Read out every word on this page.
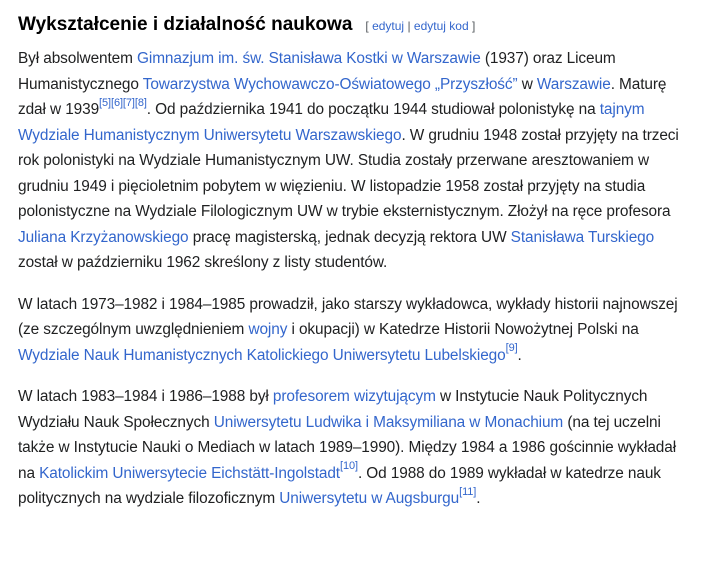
Wykształcenie i działalność naukowa [ edytuj | edytuj kod ]

Był absolwentem Gimnazjum im. św. Stanisława Kostki w Warszawie (1937) oraz Liceum Humanistycznego Towarzystwa Wychowawczo-Oświatowego „Przyszłość” w Warszawie. Maturę zdał w 1939[5][6][7][8]. Od października 1941 do początku 1944 studiował polonistykę na tajnym Wydziale Humanistycznym Uniwersytetu Warszawskiego. W grudniu 1948 został przyjęty na trzeci rok polonistyki na Wydziale Humanistycznym UW. Studia zostały przerwane aresztowaniem w grudniu 1949 i pięcioletnim pobytem w więzieniu. W listopadzie 1958 został przyjęty na studia polonistyczne na Wydziale Filologicznym UW w trybie eksternistycznym. Złożył na ręce profesora Juliana Krzyżanowskiego pracę magisterską, jednak decyzją rektora UW Stanisława Turskiego został w październiku 1962 skreślony z listy studentów.

W latach 1973–1982 i 1984–1985 prowadził, jako starszy wykładowca, wykłady historii najnowszej (ze szczególnym uwzględnieniem wojny i okupacji) w Katedrze Historii Nowożytnej Polski na Wydziale Nauk Humanistycznych Katolickiego Uniwersytetu Lubelskiego[9].

W latach 1983–1984 i 1986–1988 był profesorem wizytującym w Instytucie Nauk Politycznych Wydziału Nauk Społecznych Uniwersytetu Ludwika i Maksymiliana w Monachium (na tej uczelni także w Instytucie Nauki o Mediach w latach 1989–1990). Między 1984 a 1986 gościnnie wykładał na Katolickim Uniwersytecie Eichstätt-Ingolstadt[10]. Od 1988 do 1989 wykładał w katedrze nauk politycznych na wydziale filozoficznym Uniwersytetu w Augsburgu[11].
